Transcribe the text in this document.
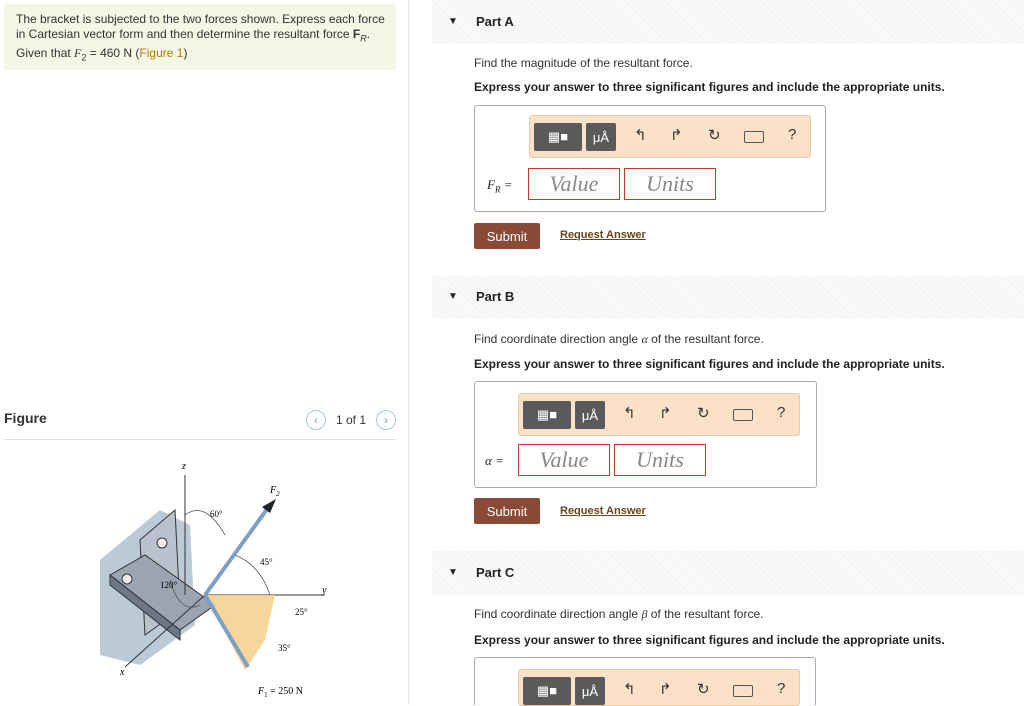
The bracket is subjected to the two forces shown. Express each force in Cartesian vector form and then determine the resultant force $F_R$. Given that $F_2 = 460$ N (Figure 1)
Figure	‹ 1 of 1 ›
z
y
x
$F_2$
60°
45°
120°
25°
35°
$F_1 = 250$ N
▼ Part A
Find the magnitude of the resultant force.
Express your answer to three significant figures and include the appropriate units.
▦■	μÅ	↰ ↱ ↻	?
$F_R$ =	Value	Units
Submit	Request Answer
▼ Part B
Find coordinate direction angle α of the resultant force.
Express your answer to three significant figures and include the appropriate units.
▦■	μÅ	↰ ↱ ↻	?
α =	Value	Units
Submit	Request Answer
▼ Part C
Find coordinate direction angle β of the resultant force.
Express your answer to three significant figures and include the appropriate units.
▦■	μÅ	↰ ↱ ↻	?
